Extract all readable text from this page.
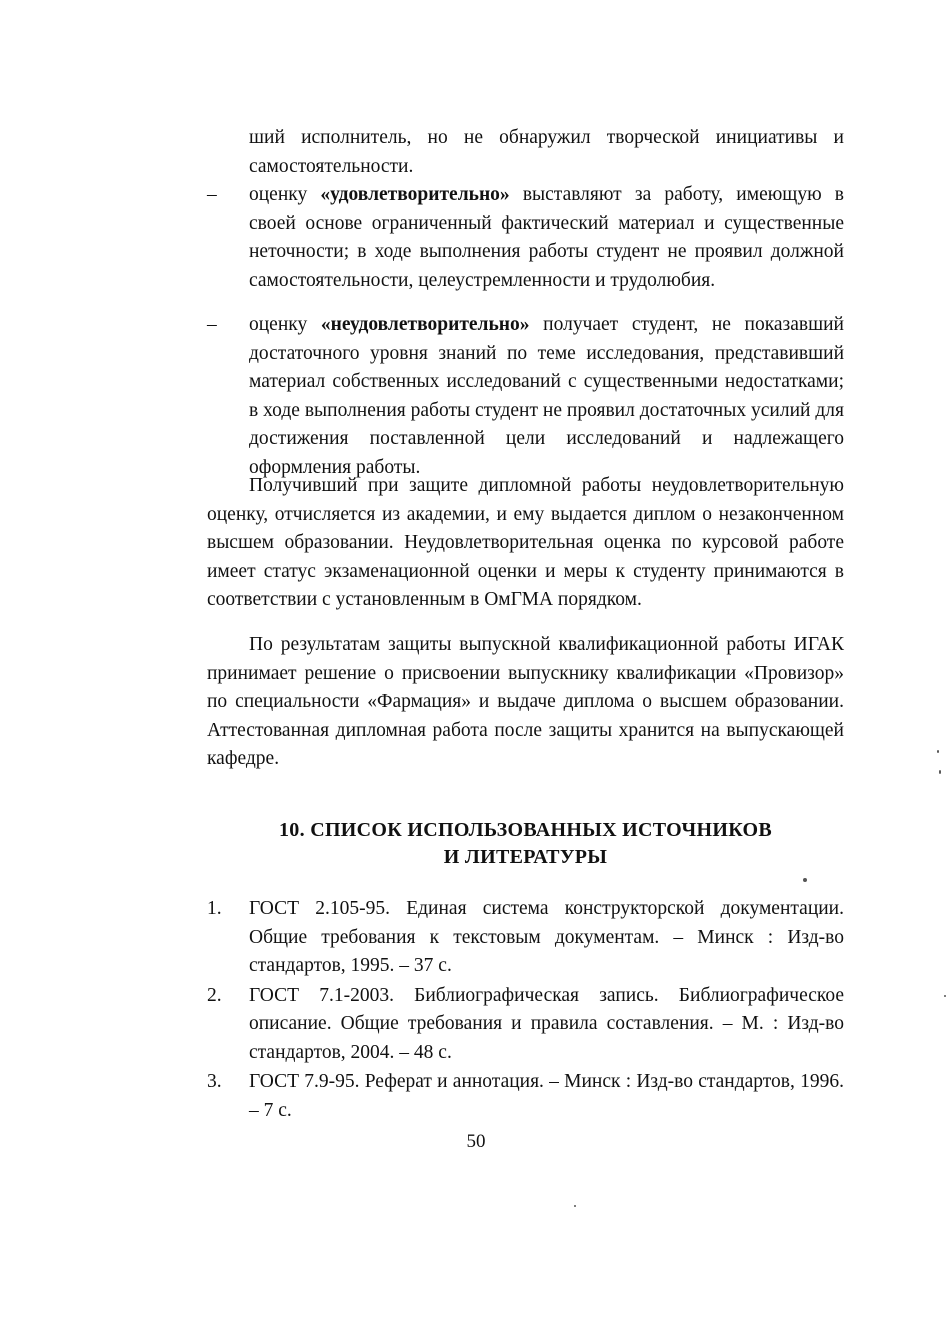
ший исполнитель, но не обнаружил творческой инициативы и самостоятельности.
– оценку «удовлетворительно» выставляют за работу, имеющую в своей основе ограниченный фактический материал и существенные неточности; в ходе выполнения работы студент не проявил должной самостоятельности, целеустремленности и трудолюбия.
– оценку «неудовлетворительно» получает студент, не показавший достаточного уровня знаний по теме исследования, представивший материал собственных исследований с существенными недостатками; в ходе выполнения работы студент не проявил достаточных усилий для достижения поставленной цели исследований и надлежащего оформления работы.

Получивший при защите дипломной работы неудовлетворительную оценку, отчисляется из академии, и ему выдается диплом о незаконченном высшем образовании. Неудовлетворительная оценка по курсовой работе имеет статус экзаменационной оценки и меры к студенту принимаются в соответствии с установленным в ОмГМА порядком.

По результатам защиты выпускной квалификационной работы ИГАК принимает решение о присвоении выпускнику квалификации «Провизор» по специальности «Фармация» и выдаче диплома о высшем образовании. Аттестованная дипломная работа после защиты хранится на выпускающей кафедре.

10. СПИСОК ИСПОЛЬЗОВАННЫХ ИСТОЧНИКОВ
И ЛИТЕРАТУРЫ
1. ГОСТ 2.105-95. Единая система конструкторской документации. Общие требования к текстовым документам. – Минск : Изд-во стандартов, 1995. – 37 с.
2. ГОСТ 7.1-2003. Библиографическая запись. Библиографическое описание. Общие требования и правила составления. – М. : Изд-во стандартов, 2004. – 48 с.
3. ГОСТ 7.9-95. Реферат и аннотация. – Минск : Изд-во стандартов, 1996. – 7 с.
50
